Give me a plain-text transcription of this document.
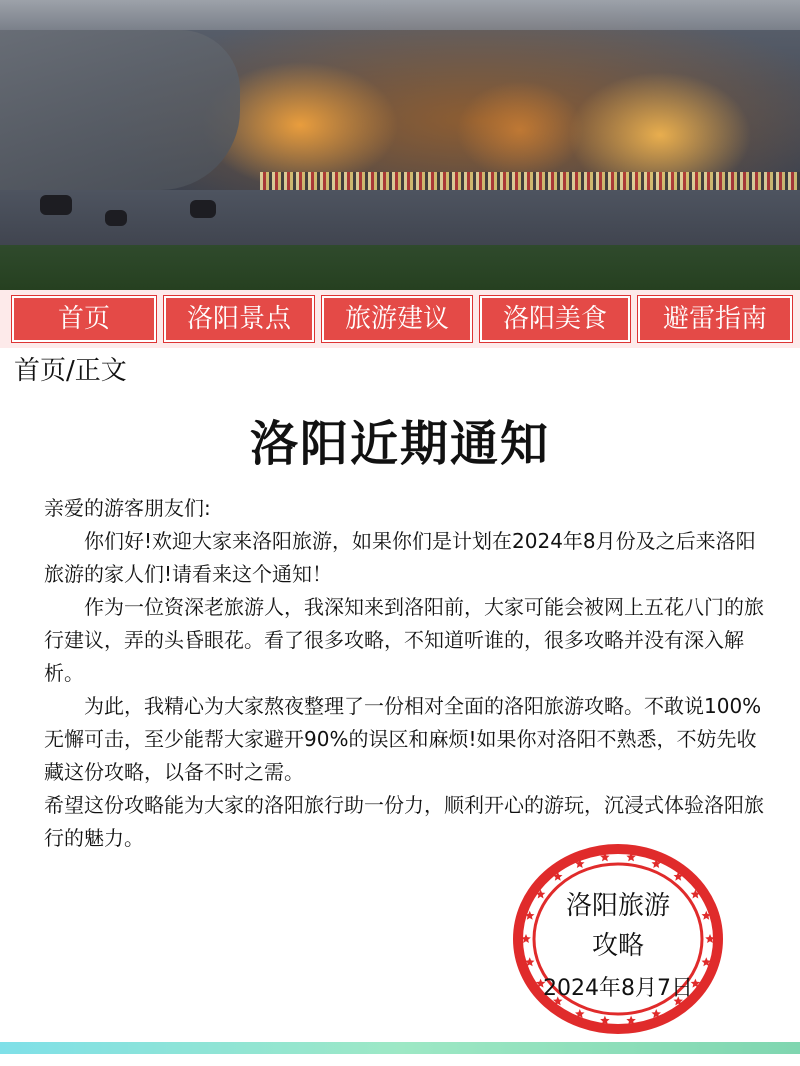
首页	洛阳景点	旅游建议	洛阳美食	避雷指南
首页/正文
洛阳近期通知

亲爱的游客朋友们:

你们好!欢迎大家来洛阳旅游，如果你们是计划在2024年8月份及之后来洛阳旅游的家人们!请看来这个通知！

作为一位资深老旅游人，我深知来到洛阳前，大家可能会被网上五花八门的旅行建议，弄的头昏眼花。看了很多攻略，不知道听谁的，很多攻略并没有深入解析。

为此，我精心为大家熬夜整理了一份相对全面的洛阳旅游攻略。不敢说100%无懈可击，至少能帮大家避开90%的误区和麻烦!如果你对洛阳不熟悉，不妨先收藏这份攻略，以备不时之需。

希望这份攻略能为大家的洛阳旅行助一份力，顺利开心的游玩，沉浸式体验洛阳旅行的魅力。

洛阳旅游
攻略
2024年8月7日
